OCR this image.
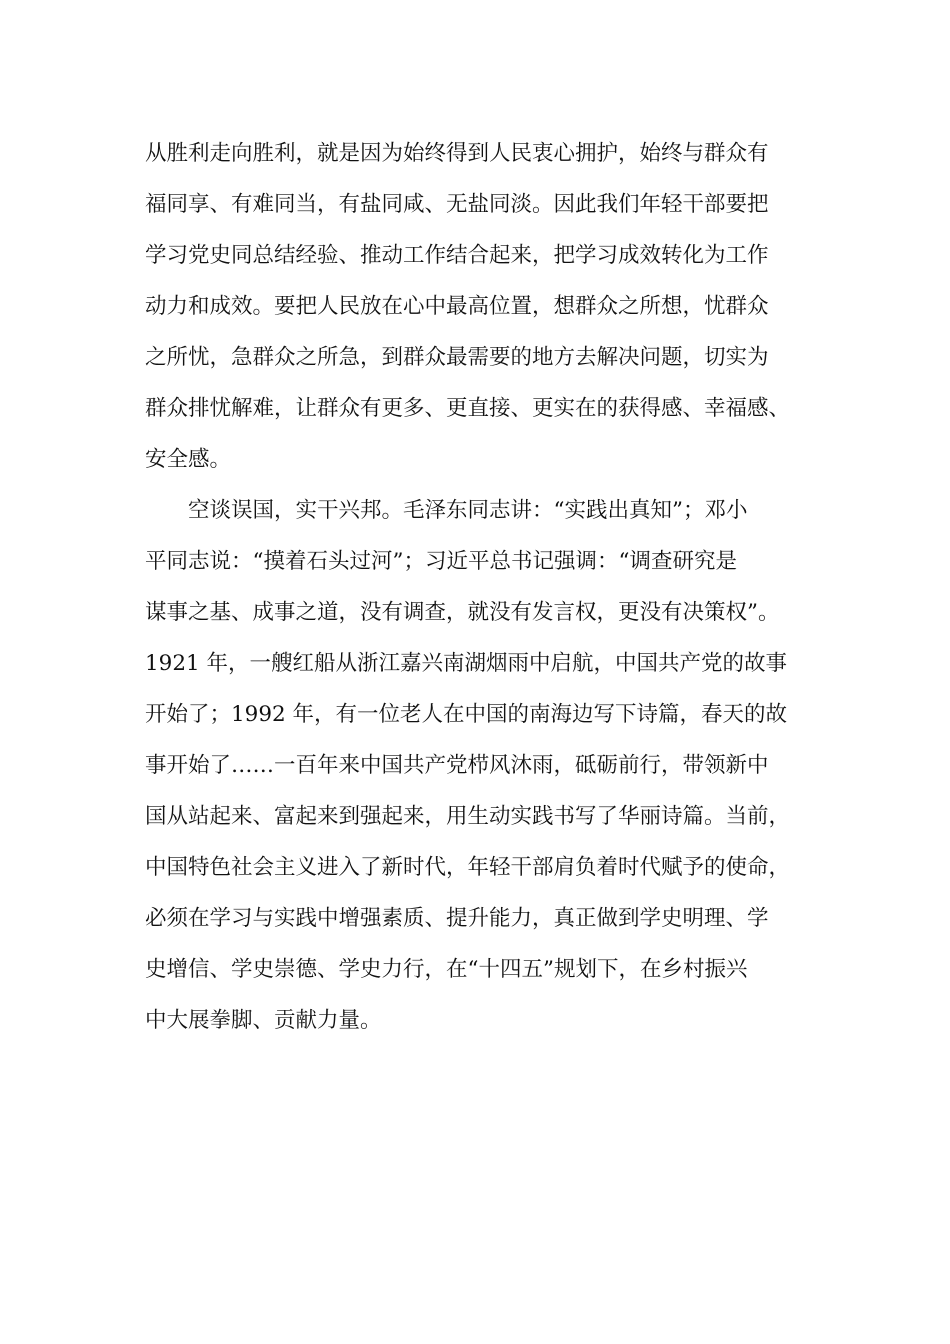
从胜利走向胜利，就是因为始终得到人民衷心拥护，始终与群众有
福同享、有难同当，有盐同咸、无盐同淡。因此我们年轻干部要把
学习党史同总结经验、推动工作结合起来，把学习成效转化为工作
动力和成效。要把人民放在心中最高位置，想群众之所想，忧群众
之所忧，急群众之所急，到群众最需要的地方去解决问题，切实为
群众排忧解难，让群众有更多、更直接、更实在的获得感、幸福感、
安全感。
　　空谈误国，实干兴邦。毛泽东同志讲：“实践出真知”；邓小
平同志说：“摸着石头过河”；习近平总书记强调：“调查研究是
谋事之基、成事之道，没有调查，就没有发言权，更没有决策权”。
1921 年，一艘红船从浙江嘉兴南湖烟雨中启航，中国共产党的故事
开始了；1992 年，有一位老人在中国的南海边写下诗篇，春天的故
事开始了……一百年来中国共产党栉风沐雨，砥砺前行，带领新中
国从站起来、富起来到强起来，用生动实践书写了华丽诗篇。当前，
中国特色社会主义进入了新时代，年轻干部肩负着时代赋予的使命，
必须在学习与实践中增强素质、提升能力，真正做到学史明理、学
史增信、学史崇德、学史力行，在“十四五”规划下，在乡村振兴
中大展拳脚、贡献力量。
